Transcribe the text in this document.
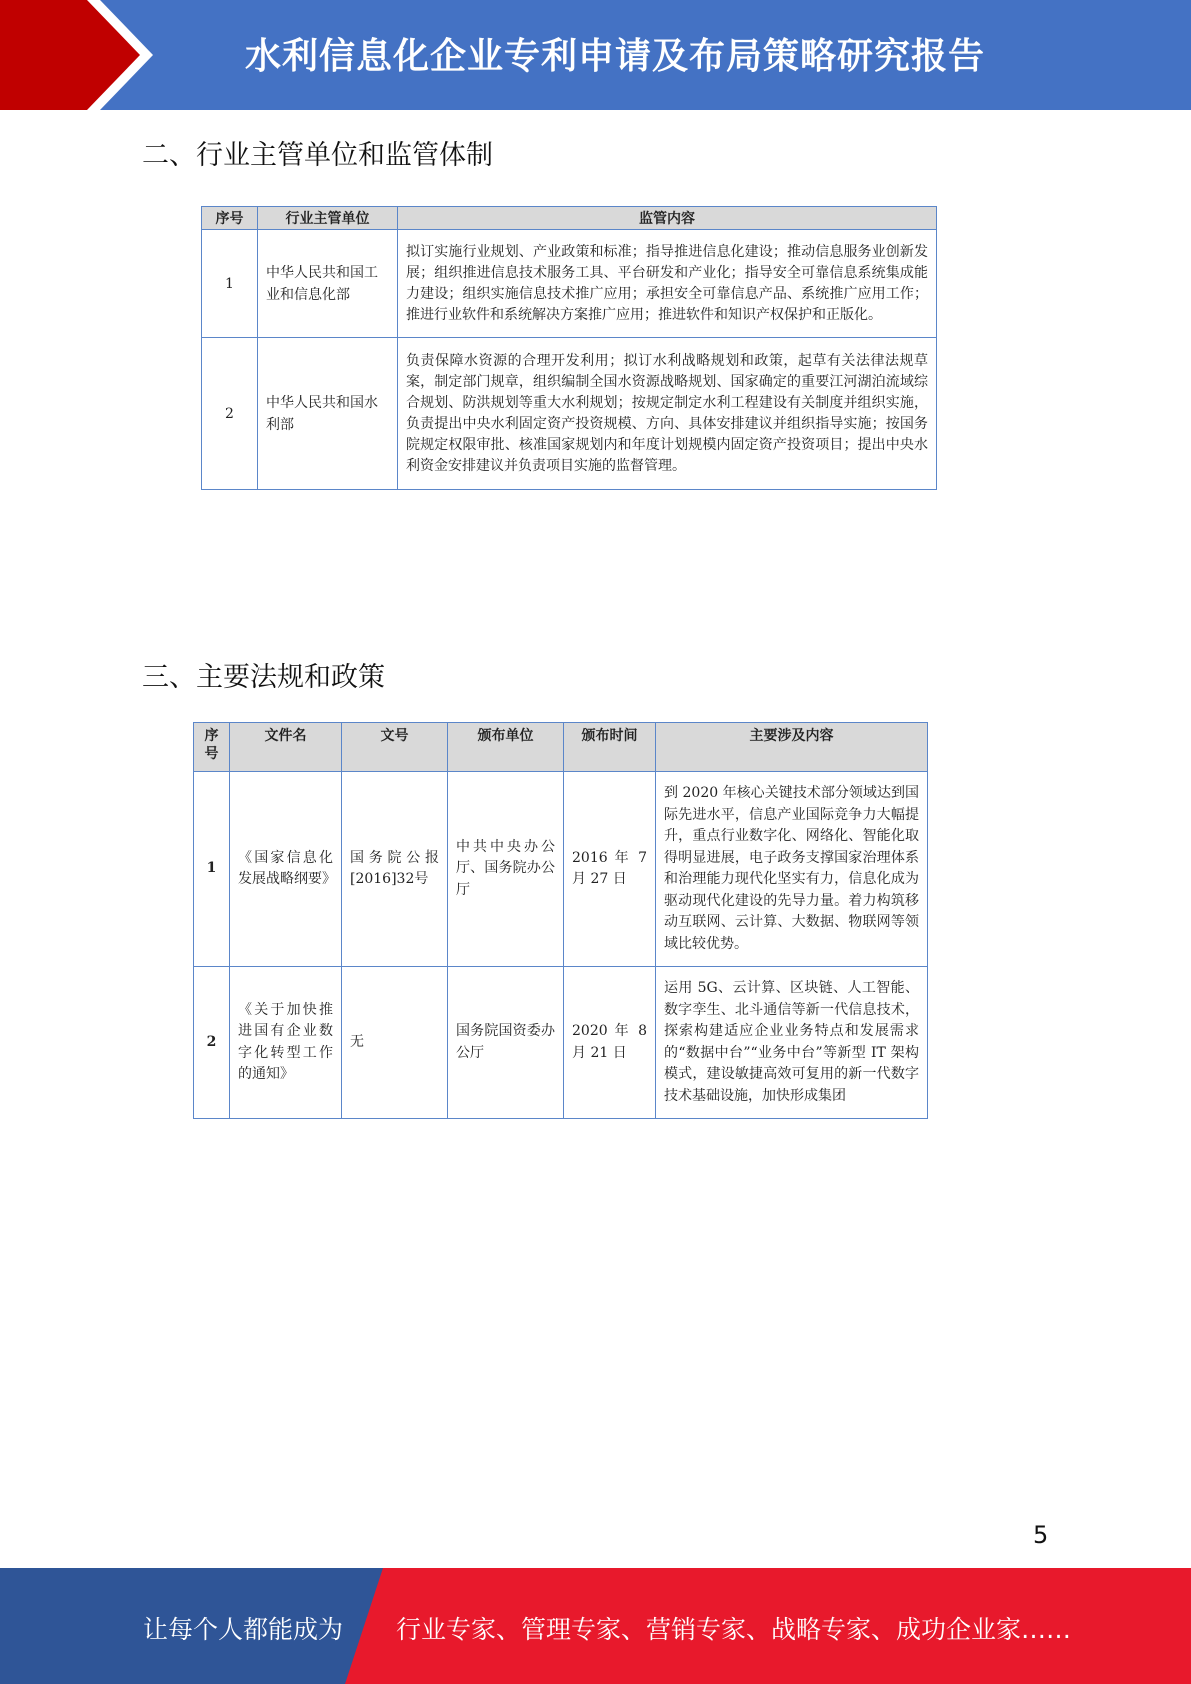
水利信息化企业专利申请及布局策略研究报告
二、行业主管单位和监管体制
序号	行业主管单位	监管内容
1	中华人民共和国工业和信息化部	拟订实施行业规划、产业政策和标准；指导推进信息化建设；推动信息服务业创新发展；组织推进信息技术服务工具、平台研发和产业化；指导安全可靠信息系统集成能力建设；组织实施信息技术推广应用；承担安全可靠信息产品、系统推广应用工作；推进行业软件和系统解决方案推广应用；推进软件和知识产权保护和正版化。
2	中华人民共和国水利部	负责保障水资源的合理开发利用；拟订水利战略规划和政策，起草有关法律法规草案，制定部门规章，组织编制全国水资源战略规划、国家确定的重要江河湖泊流域综合规划、防洪规划等重大水利规划；按规定制定水利工程建设有关制度并组织实施，负责提出中央水利固定资产投资规模、方向、具体安排建议并组织指导实施；按国务院规定权限审批、核准国家规划内和年度计划规模内固定资产投资项目；提出中央水利资金安排建议并负责项目实施的监督管理。
三、主要法规和政策
序号	文件名	文号	颁布单位	颁布时间	主要涉及内容
1	《国家信息化发展战略纲要》	国务院公报[2016]32号	中共中央办公厅、国务院办公厅	2016 年 7 月 27 日	到 2020 年核心关键技术部分领域达到国际先进水平，信息产业国际竞争力大幅提升，重点行业数字化、网络化、智能化取得明显进展，电子政务支撑国家治理体系和治理能力现代化坚实有力，信息化成为驱动现代化建设的先导力量。着力构筑移动互联网、云计算、大数据、物联网等领域比较优势。
2	《关于加快推进国有企业数字化转型工作的通知》	无	国务院国资委办公厅	2020 年 8 月 21 日	运用 5G、云计算、区块链、人工智能、数字孪生、北斗通信等新一代信息技术，探索构建适应企业业务特点和发展需求的“数据中台”“业务中台”等新型 IT 架构模式，建设敏捷高效可复用的新一代数字技术基础设施，加快形成集团
5
让每个人都能成为 行业专家、管理专家、营销专家、战略专家、成功企业家……
